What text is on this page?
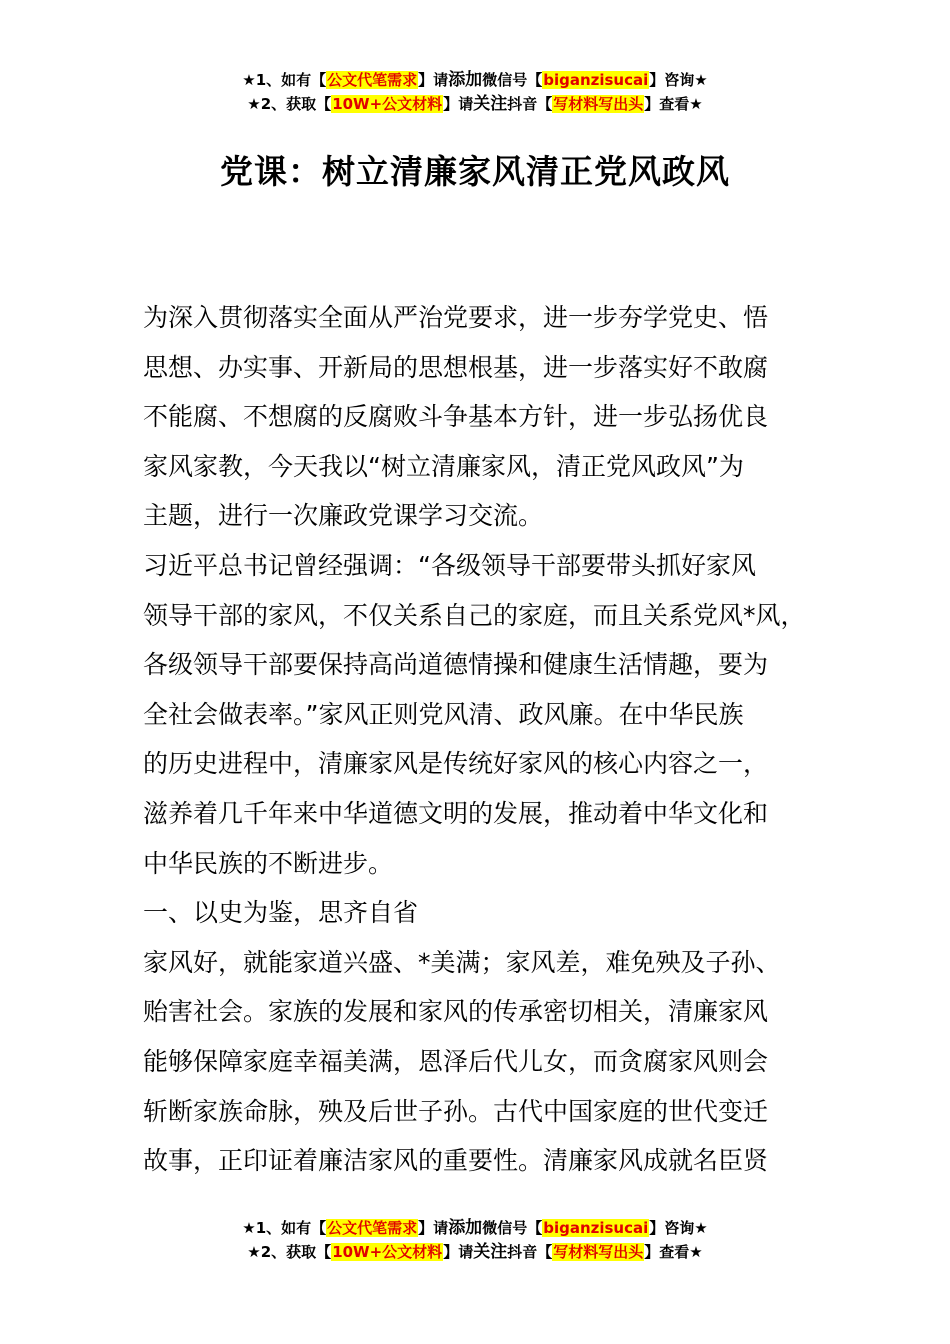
★1、如有【公文代笔需求】请添加微信号【biganzisucai】咨询★
★2、获取【10W+公文材料】请关注抖音【写材料写出头】查看★
党课：树立清廉家风清正党风政风
为深入贯彻落实全面从严治党要求，进一步夯学党史、悟
思想、办实事、开新局的思想根基，进一步落实好不敢腐
不能腐、不想腐的反腐败斗争基本方针，进一步弘扬优良
家风家教，今天我以“树立清廉家风，清正党风政风”为
主题，进行一次廉政党课学习交流。
习近平总书记曾经强调：“各级领导干部要带头抓好家风
领导干部的家风，不仅关系自己的家庭，而且关系党风*风，
各级领导干部要保持高尚道德情操和健康生活情趣，要为
全社会做表率。”家风正则党风清、政风廉。在中华民族
的历史进程中，清廉家风是传统好家风的核心内容之一，
滋养着几千年来中华道德文明的发展，推动着中华文化和
中华民族的不断进步。
一、以史为鉴，思齐自省
家风好，就能家道兴盛、*美满；家风差，难免殃及子孙、
贻害社会。家族的发展和家风的传承密切相关，清廉家风
能够保障家庭幸福美满，恩泽后代儿女，而贪腐家风则会
斩断家族命脉，殃及后世子孙。古代中国家庭的世代变迁
故事，正印证着廉洁家风的重要性。清廉家风成就名臣贤
★1、如有【公文代笔需求】请添加微信号【biganzisucai】咨询★
★2、获取【10W+公文材料】请关注抖音【写材料写出头】查看★
